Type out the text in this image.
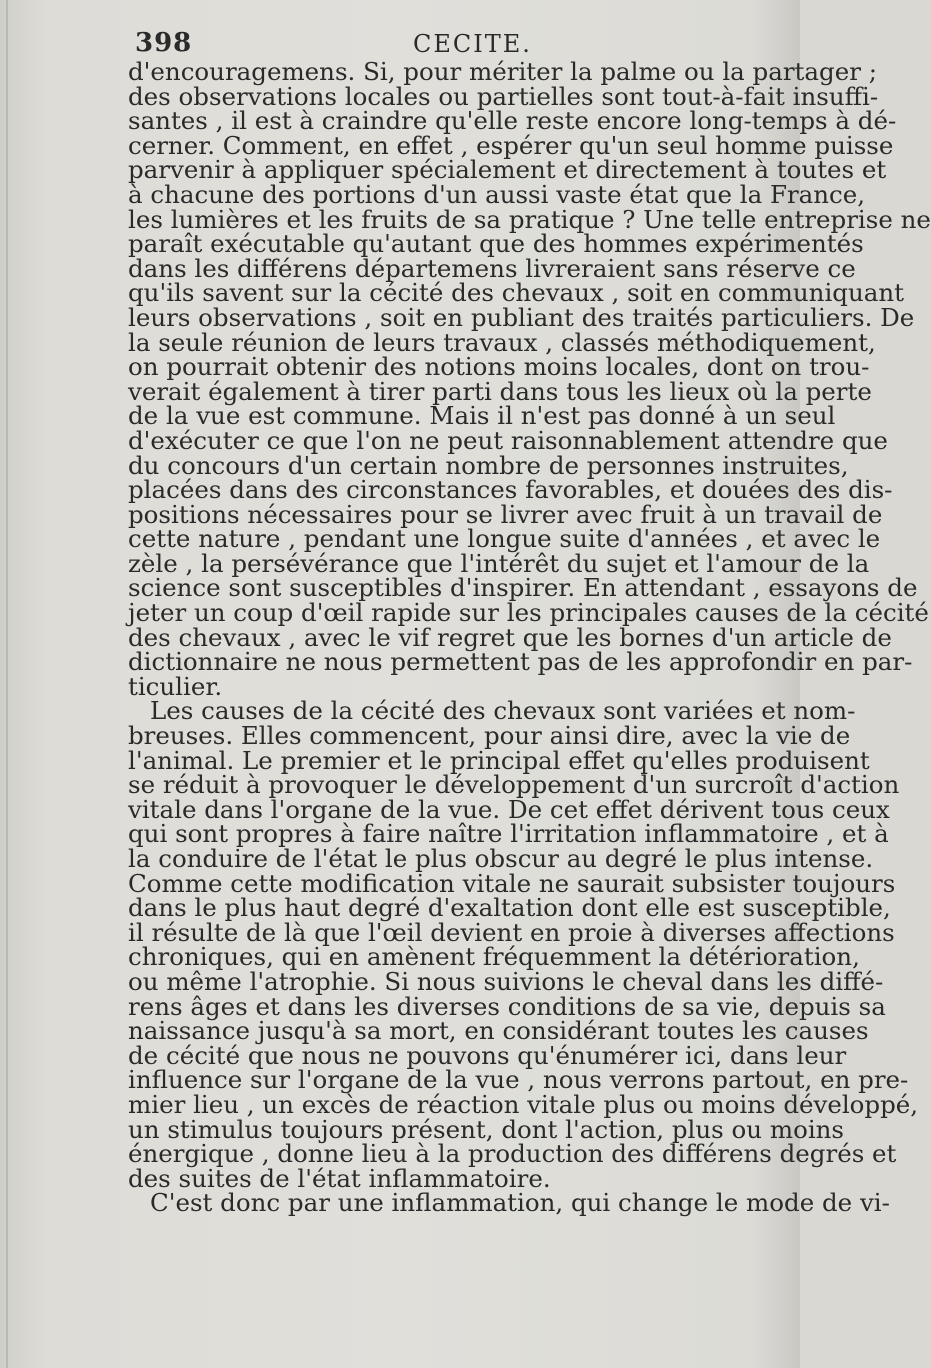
398	CECITE.
d'encouragemens. Si, pour mériter la palme ou la partager ;
des observations locales ou partielles sont tout-à-fait insuffi-
santes , il est à craindre qu'elle reste encore long-temps à dé-
cerner. Comment, en effet , espérer qu'un seul homme puisse
parvenir à appliquer spécialement et directement à toutes et
à chacune des portions d'un aussi vaste état que la France,
les lumières et les fruits de sa pratique ? Une telle entreprise ne
paraît exécutable qu'autant que des hommes expérimentés
dans les différens départemens livreraient sans réserve ce
qu'ils savent sur la cécité des chevaux , soit en communiquant
leurs observations , soit en publiant des traités particuliers. De
la seule réunion de leurs travaux , classés méthodiquement,
on pourrait obtenir des notions moins locales, dont on trou-
verait également à tirer parti dans tous les lieux où la perte
de la vue est commune. Mais il n'est pas donné à un seul
d'exécuter ce que l'on ne peut raisonnablement attendre que
du concours d'un certain nombre de personnes instruites,
placées dans des circonstances favorables, et douées des dis-
positions nécessaires pour se livrer avec fruit à un travail de
cette nature , pendant une longue suite d'années , et avec le
zèle , la persévérance que l'intérêt du sujet et l'amour de la
science sont susceptibles d'inspirer. En attendant , essayons de
jeter un coup d'œil rapide sur les principales causes de la cécité
des chevaux , avec le vif regret que les bornes d'un article de
dictionnaire ne nous permettent pas de les approfondir en par-
ticulier.
Les causes de la cécité des chevaux sont variées et nom-
breuses. Elles commencent, pour ainsi dire, avec la vie de
l'animal. Le premier et le principal effet qu'elles produisent
se réduit à provoquer le développement d'un surcroît d'action
vitale dans l'organe de la vue. De cet effet dérivent tous ceux
qui sont propres à faire naître l'irritation inflammatoire , et à
la conduire de l'état le plus obscur au degré le plus intense.
Comme cette modification vitale ne saurait subsister toujours
dans le plus haut degré d'exaltation dont elle est susceptible,
il résulte de là que l'œil devient en proie à diverses affections
chroniques, qui en amènent fréquemment la détérioration,
ou même l'atrophie. Si nous suivions le cheval dans les diffé-
rens âges et dans les diverses conditions de sa vie, depuis sa
naissance jusqu'à sa mort, en considérant toutes les causes
de cécité que nous ne pouvons qu'énumérer ici, dans leur
influence sur l'organe de la vue , nous verrons partout, en pre-
mier lieu , un excès de réaction vitale plus ou moins développé,
un stimulus toujours présent, dont l'action, plus ou moins
énergique , donne lieu à la production des différens degrés et
des suites de l'état inflammatoire.
C'est donc par une inflammation, qui change le mode de vi-
